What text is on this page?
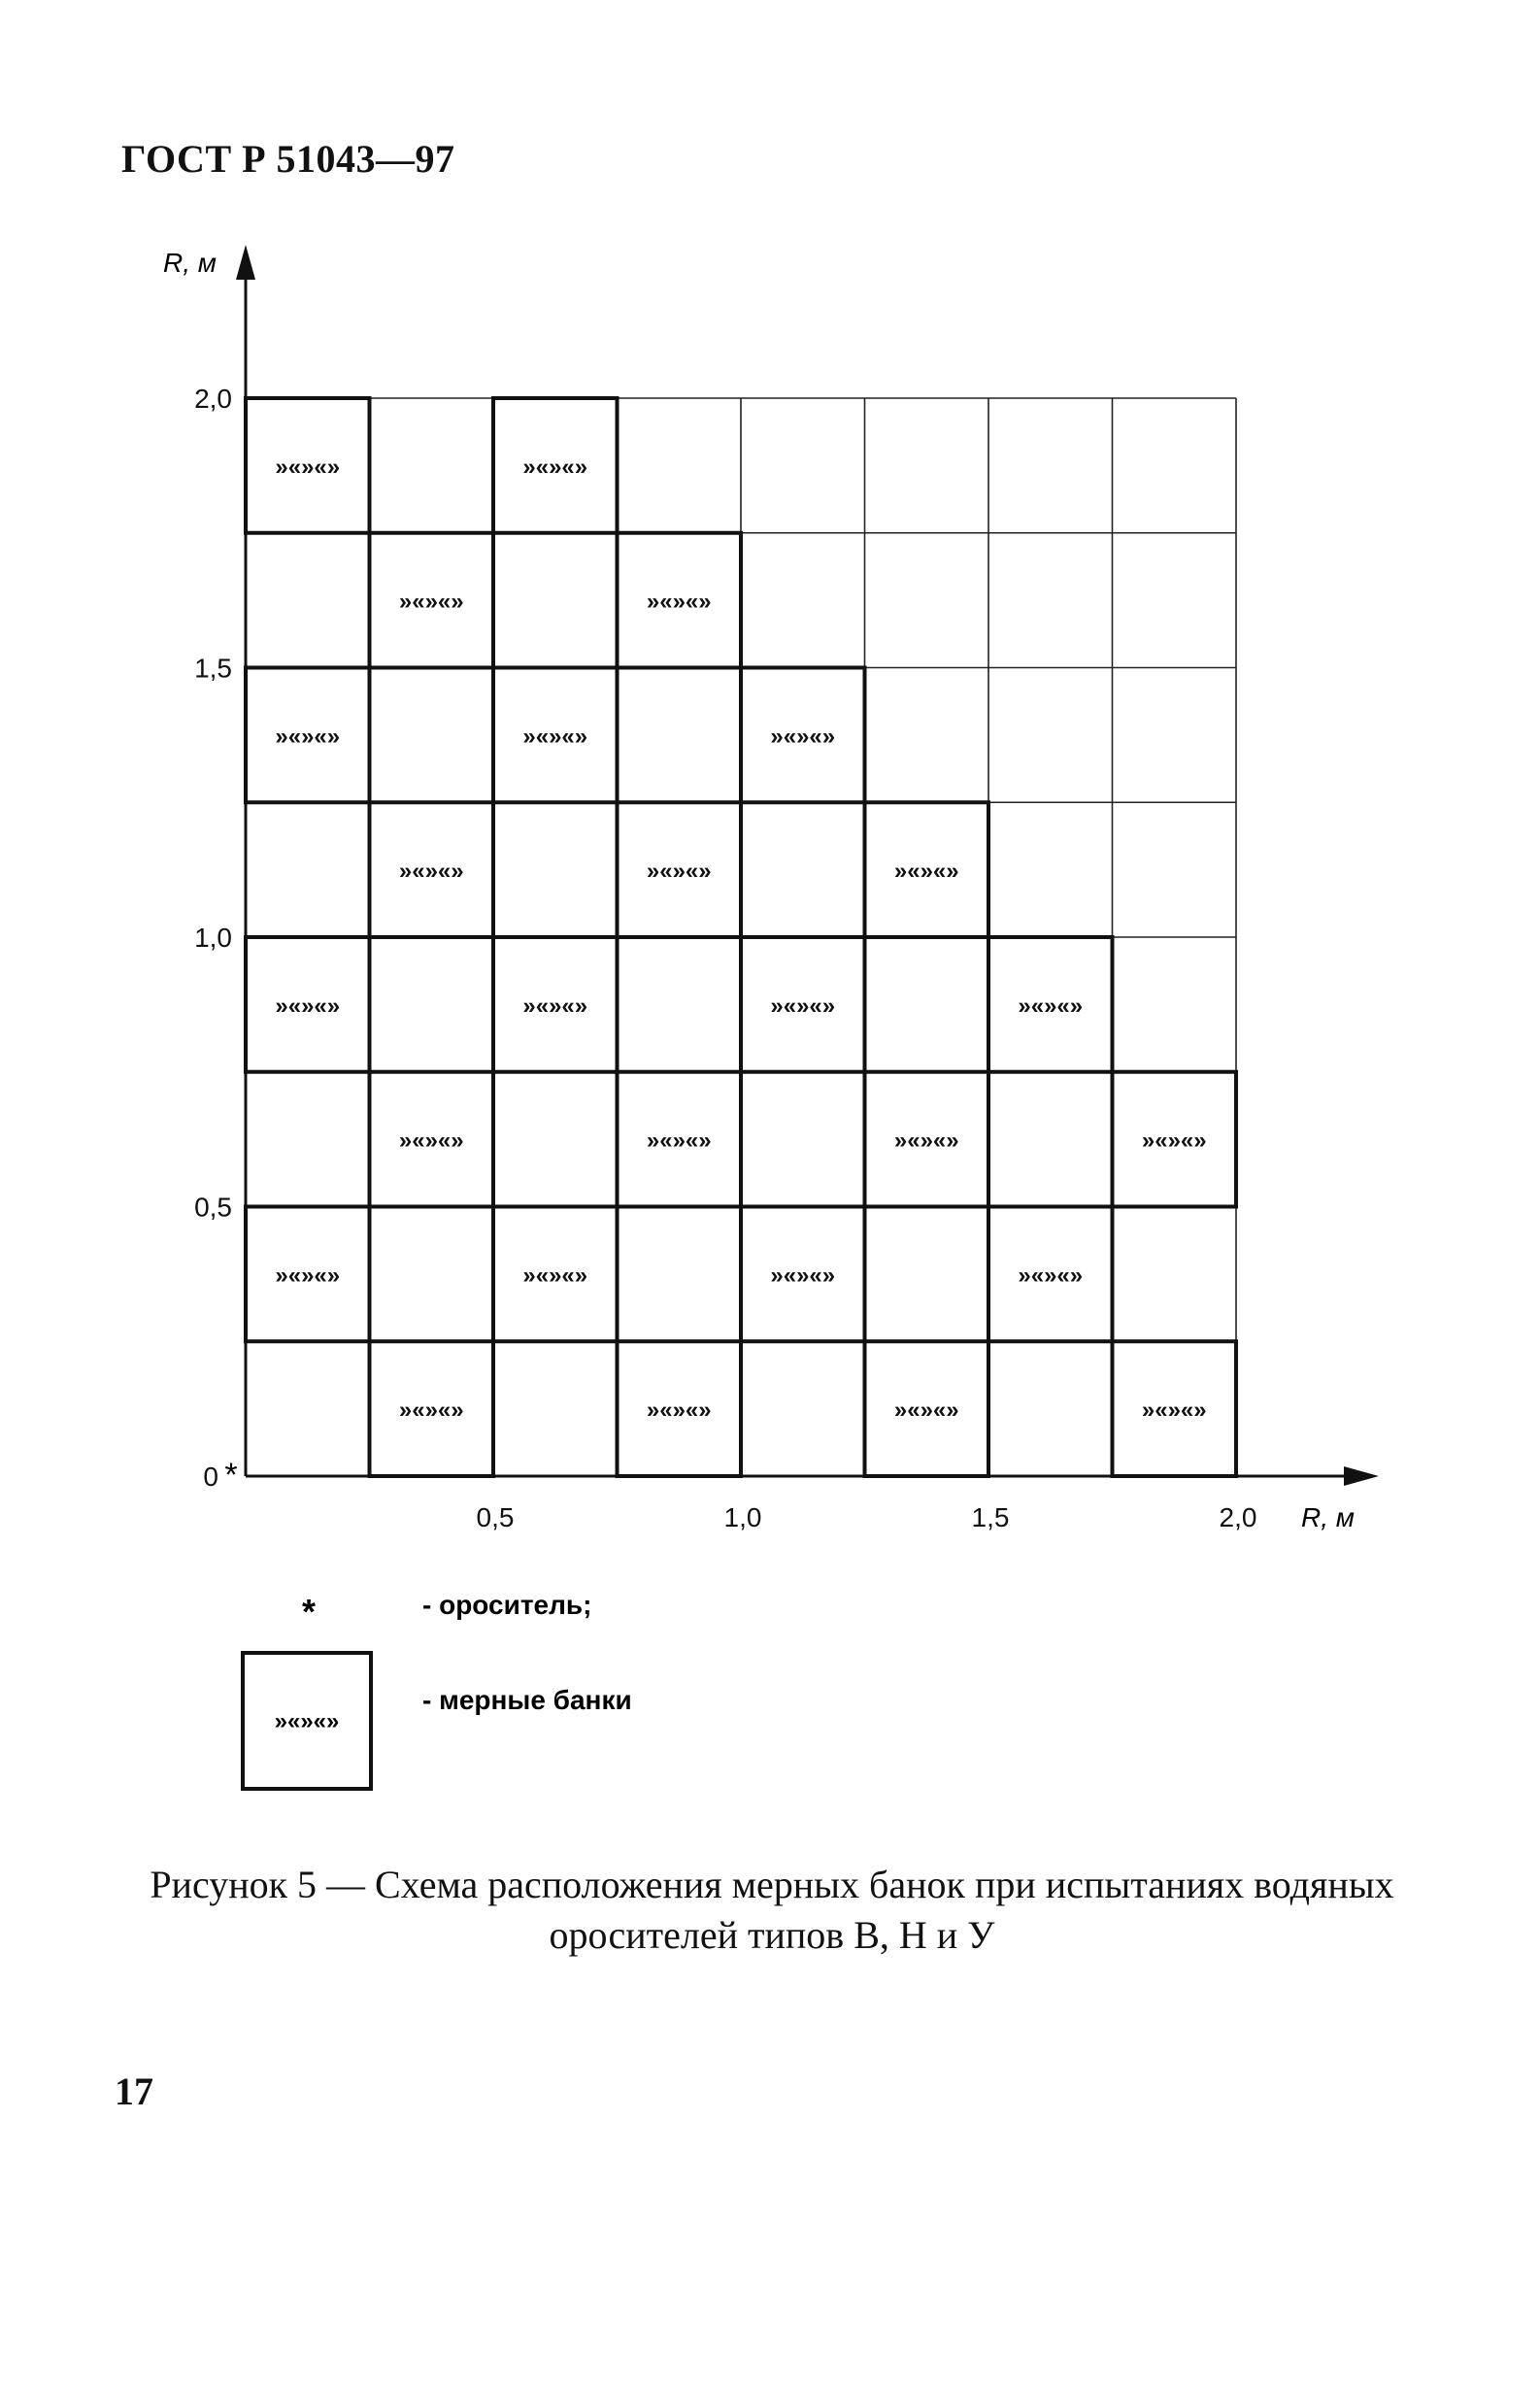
ГОСТ Р 51043—97
»«»«»	»«»«»	»«»«»	»«»«»
»«»«»	»«»«»	»«»«»	»«»«»
»«»«»	»«»«»	»«»«»	»«»«»
»«»«»	»«»«»	»«»«»	»«»«»
»«»«»	»«»«»	»«»«»
»«»«»	»«»«»	»«»«»
»«»«»	»«»«»
»«»«»	»«»«»
0,5	1,0	1,5	2,0
0
0,5
1,0
1,5
2,0
R, м
R, м
*
*	- ороситель;
»«»«»
- мерные банки
Рисунок 5 — Схема расположения мерных банок при испытаниях водяных
оросителей типов В, Н и У
17
